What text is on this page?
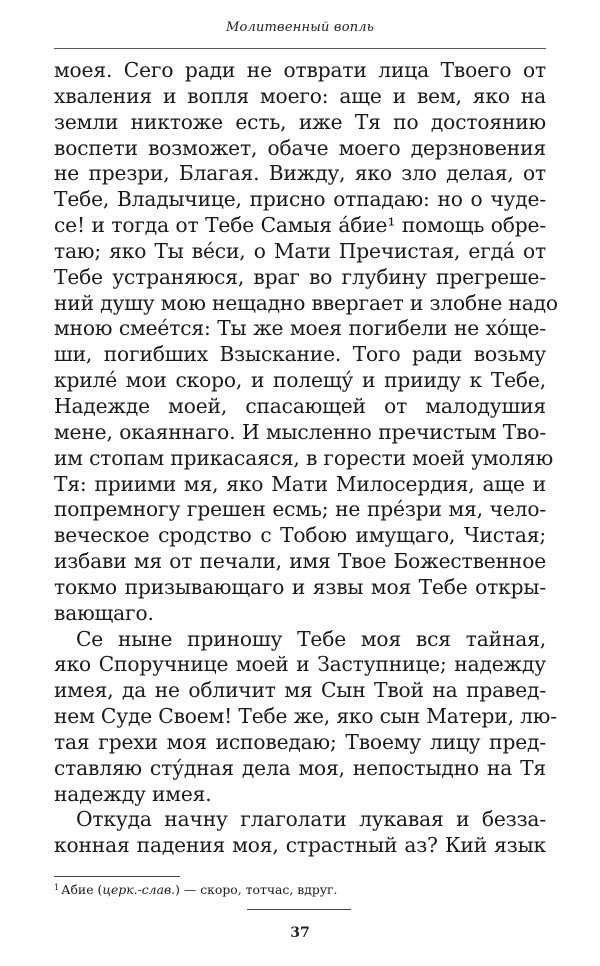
Молитвенный вопль
моея. Сего ради не отврати лица Твоего от
хваления и вопля моего: аще и вем, яко на
земли никтоже есть, иже Тя по достоянию
воспети возможет, обаче моего дерзновения
не презри, Благая. Вижду, яко зло делая, от
Тебе, Владычице, присно отпадаю: но о чуде-
се! и тогда от Тебе Самыя а́бие¹ помощь обре-
таю; яко Ты ве́си, о Мати Пречистая, егда́ от
Тебе устраняюся, враг во глубину прегреше-
ний душу мою нещадно ввергает и злобне надо
мною смее́тся: Ты же моея погибели не хо́ще-
ши, погибших Взыскание. Того ради возьму
криле́ мои скоро, и полещу́ и прииду к Тебе,
Надежде моей, спасающей от малодушия
мене, окаяннаго. И мысленно пречистым Тво-
им стопам прикасаяся, в горести моей умоляю
Тя: приими мя, яко Мати Милосердия, аще и
попремногу грешен есмь; не пре́зри мя, чело-
веческое сродство с Тобою имущаго, Чистая;
избави мя от печали, имя Твое Божественное
токмо призывающаго и язвы моя Тебе откры-
вающаго.
Се ныне приношу Тебе моя вся тайная,
яко Споручнице моей и Заступнице; надежду
имея, да не обличит мя Сын Твой на правед-
нем Суде Своем! Тебе же, яко сын Матери, лю-
тая грехи моя исповедаю; Твоему лицу пред-
ставляю сту́дная дела моя, непостыдно на Тя
надежду имея.
Откуда начну глаголати лукавая и безза-
конная падения моя, страстный аз? Кий язык
$^1$ Абие (церк.-слав.) — скоро, тотчас, вдруг.
37
